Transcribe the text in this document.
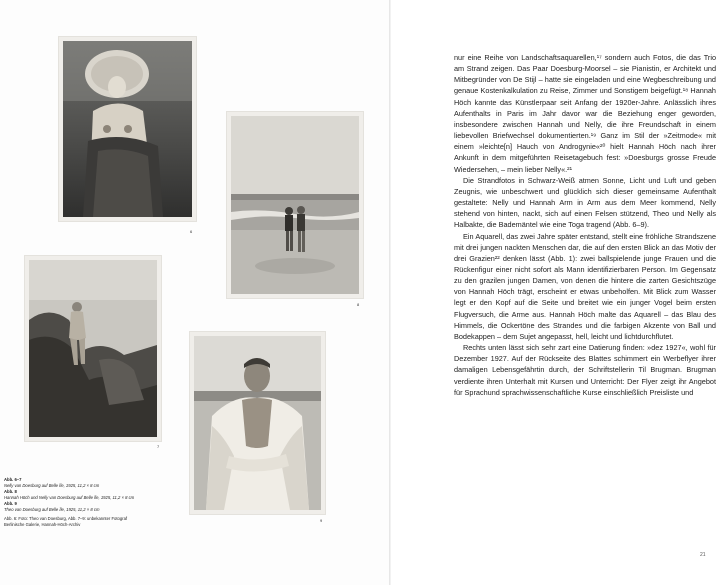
6
8
7
9
Abb. 6–7
Nelly van Doesburg auf Belle Île, 1925, 11,2 × 8 cm
Abb. 8
Hannah Höch und Nelly van Doesburg auf Belle Île, 1925, 11,2 × 8 cm
Abb. 9
Theo van Doesburg auf Belle Île, 1925, 11,2 × 8 cm
Abb. 6: Foto: Theo van Doesburg, Abb. 7–9: unbekannter Fotograf
Berlinische Galerie, Hannah-Höch-Archiv

nur eine Reihe von Landschaftsaquarellen,¹⁷ sondern auch Fotos, die das Trio am Strand zeigen. Das Paar Doesburg-Moorsel – sie Pianistin, er Architekt und Mitbegründer von De Stijl – hatte sie eingeladen und eine Wegbeschreibung und genaue Kostenkalkulation zu Reise, Zimmer und Sonstigem beigefügt.¹⁸ Hannah Höch kannte das Künstlerpaar seit Anfang der 1920er-Jahre. Anlässlich ihres Aufenthalts in Paris im Jahr davor war die Beziehung enger geworden, insbesondere zwischen Hannah und Nelly, die ihre Freundschaft in einem liebevollen Briefwechsel dokumentierten.¹⁹ Ganz im Stil der »Zeitmode« mit einem »leichte[n] Hauch von Androgynie«²⁰ hielt Hannah Höch nach ihrer Ankunft in dem mitgeführten Reisetagebuch fest: »Doesburgs grosse Freude Wiedersehen, – mein lieber Nelly«.²¹

Die Strandfotos in Schwarz-Weiß atmen Sonne, Licht und Luft und geben Zeugnis, wie unbeschwert und glücklich sich dieser gemeinsame Aufenthalt gestaltete: Nelly und Hannah Arm in Arm aus dem Meer kommend, Nelly stehend von hinten, nackt, sich auf einen Felsen stützend, Theo und Nelly als Halbakte, die Bademäntel wie eine Toga tragend (Abb. 6–9).

Ein Aquarell, das zwei Jahre später entstand, stellt eine fröhliche Strandszene mit drei jungen nackten Menschen dar, die auf den ersten Blick an das Motiv der drei Grazien²² denken lässt (Abb. 1): zwei ballspielende junge Frauen und die Rückenfigur einer nicht sofort als Mann identifizierbaren Person. Im Gegensatz zu den grazilen jungen Damen, von denen die hintere die zarten Gesichtszüge von Hannah Höch trägt, erscheint er etwas unbeholfen. Mit Blick zum Wasser legt er den Kopf auf die Seite und breitet wie ein junger Vogel beim ersten Flugversuch, die Arme aus. Hannah Höch malte das Aquarell – das Blau des Himmels, die Ockertöne des Strandes und die farbigen Akzente von Ball und Bodekappen – dem Sujet angepasst, hell, leicht und lichtdurchflutet.

Rechts unten lässt sich sehr zart eine Datierung finden: »dez 1927«, wohl für Dezember 1927. Auf der Rückseite des Blattes schimmert ein Werbeflyer ihrer damaligen Lebensgefährtin durch, der Schriftstellerin Til Brugman. Brugman verdiente ihren Unterhalt mit Kursen und Unterricht: Der Flyer zeigt ihr Angebot für Sprachund sprachwissenschaftliche Kurse einschließlich Preisliste und

21
